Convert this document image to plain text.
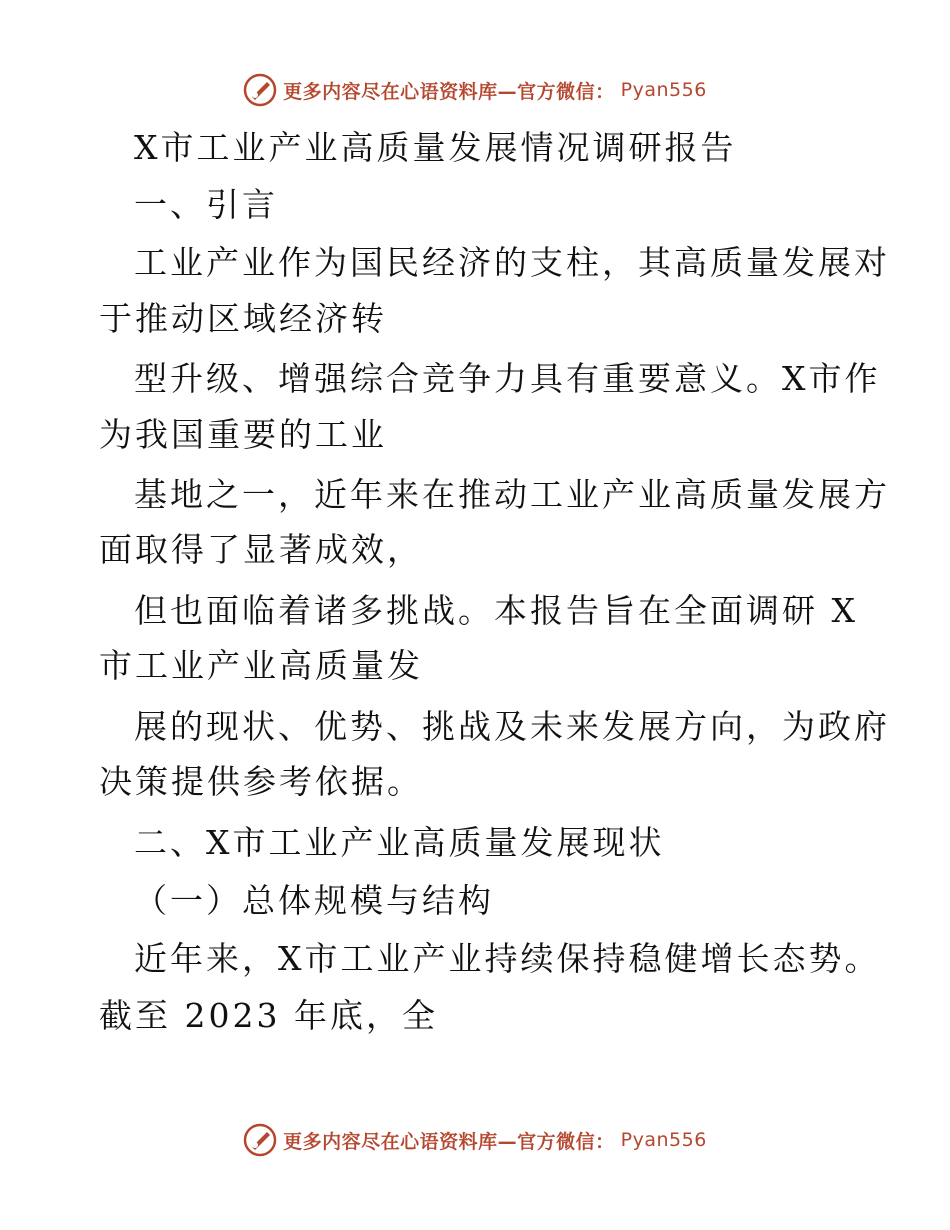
更多内容尽在心语资料库—官方微信： Pyan556
X市工业产业高质量发展情况调研报告
一、引言
工业产业作为国民经济的支柱，其高质量发展对
于推动区域经济转
型升级、增强综合竞争力具有重要意义。X市作
为我国重要的工业
基地之一，近年来在推动工业产业高质量发展方
面取得了显著成效，
但也面临着诸多挑战。本报告旨在全面调研 X
市工业产业高质量发
展的现状、优势、挑战及未来发展方向，为政府
决策提供参考依据。
二、X市工业产业高质量发展现状
（一）总体规模与结构
近年来，X市工业产业持续保持稳健增长态势。
截至 2023 年底，全
更多内容尽在心语资料库—官方微信： Pyan556
